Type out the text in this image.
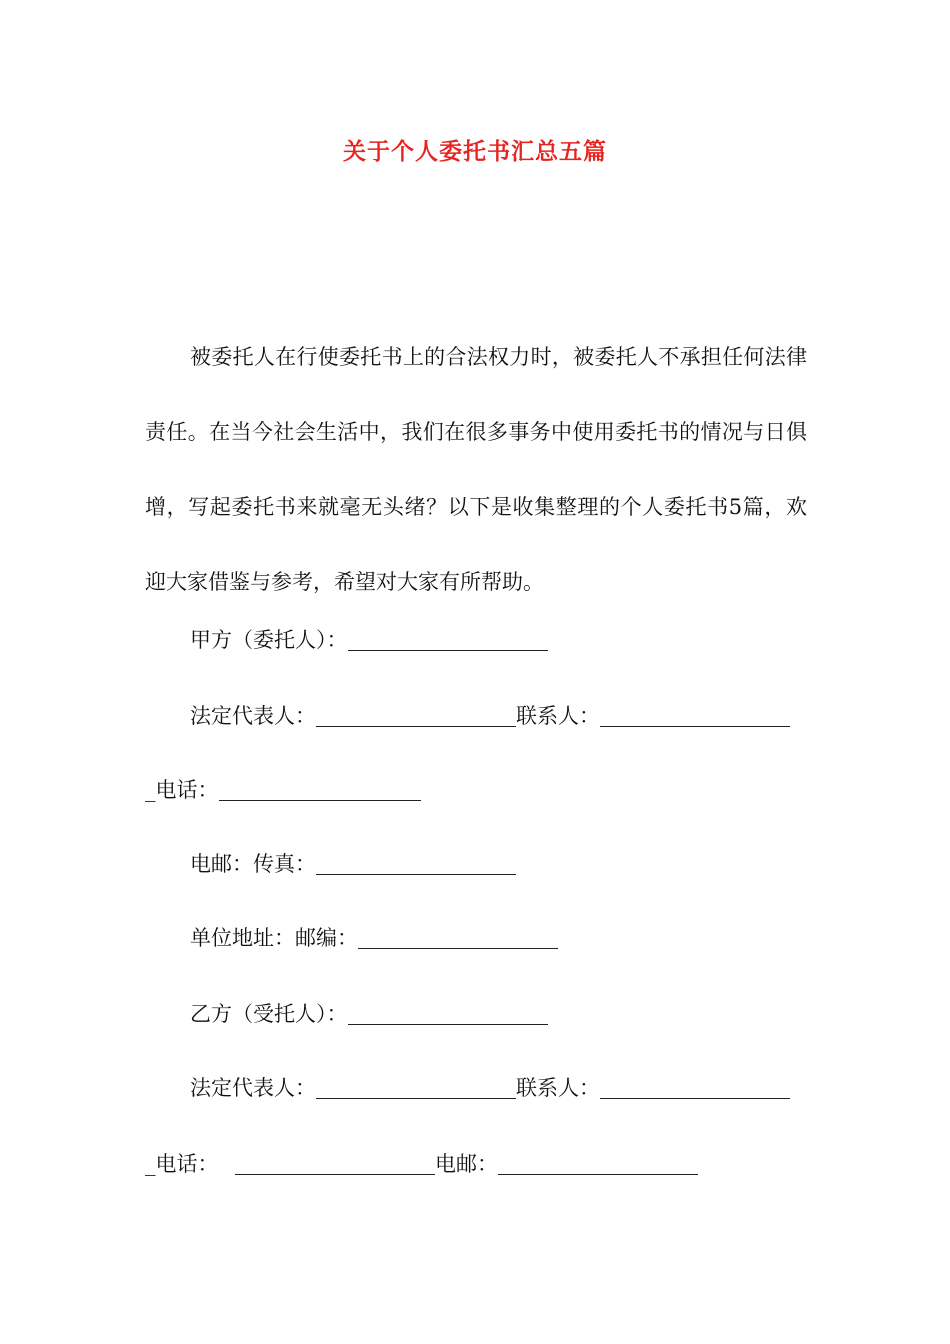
关于个人委托书汇总五篇

被委托人在行使委托书上的合法权力时，被委托人不承担任何法律责任。在当今社会生活中，我们在很多事务中使用委托书的情况与日俱增，写起委托书来就毫无头绪？以下是收集整理的个人委托书5篇，欢迎大家借鉴与参考，希望对大家有所帮助。

甲方（委托人）：
法定代表人：	联系人：
_电话：
电邮：传真：
单位地址：邮编：
乙方（受托人）：
法定代表人：	联系人：
_电话：	电邮：
